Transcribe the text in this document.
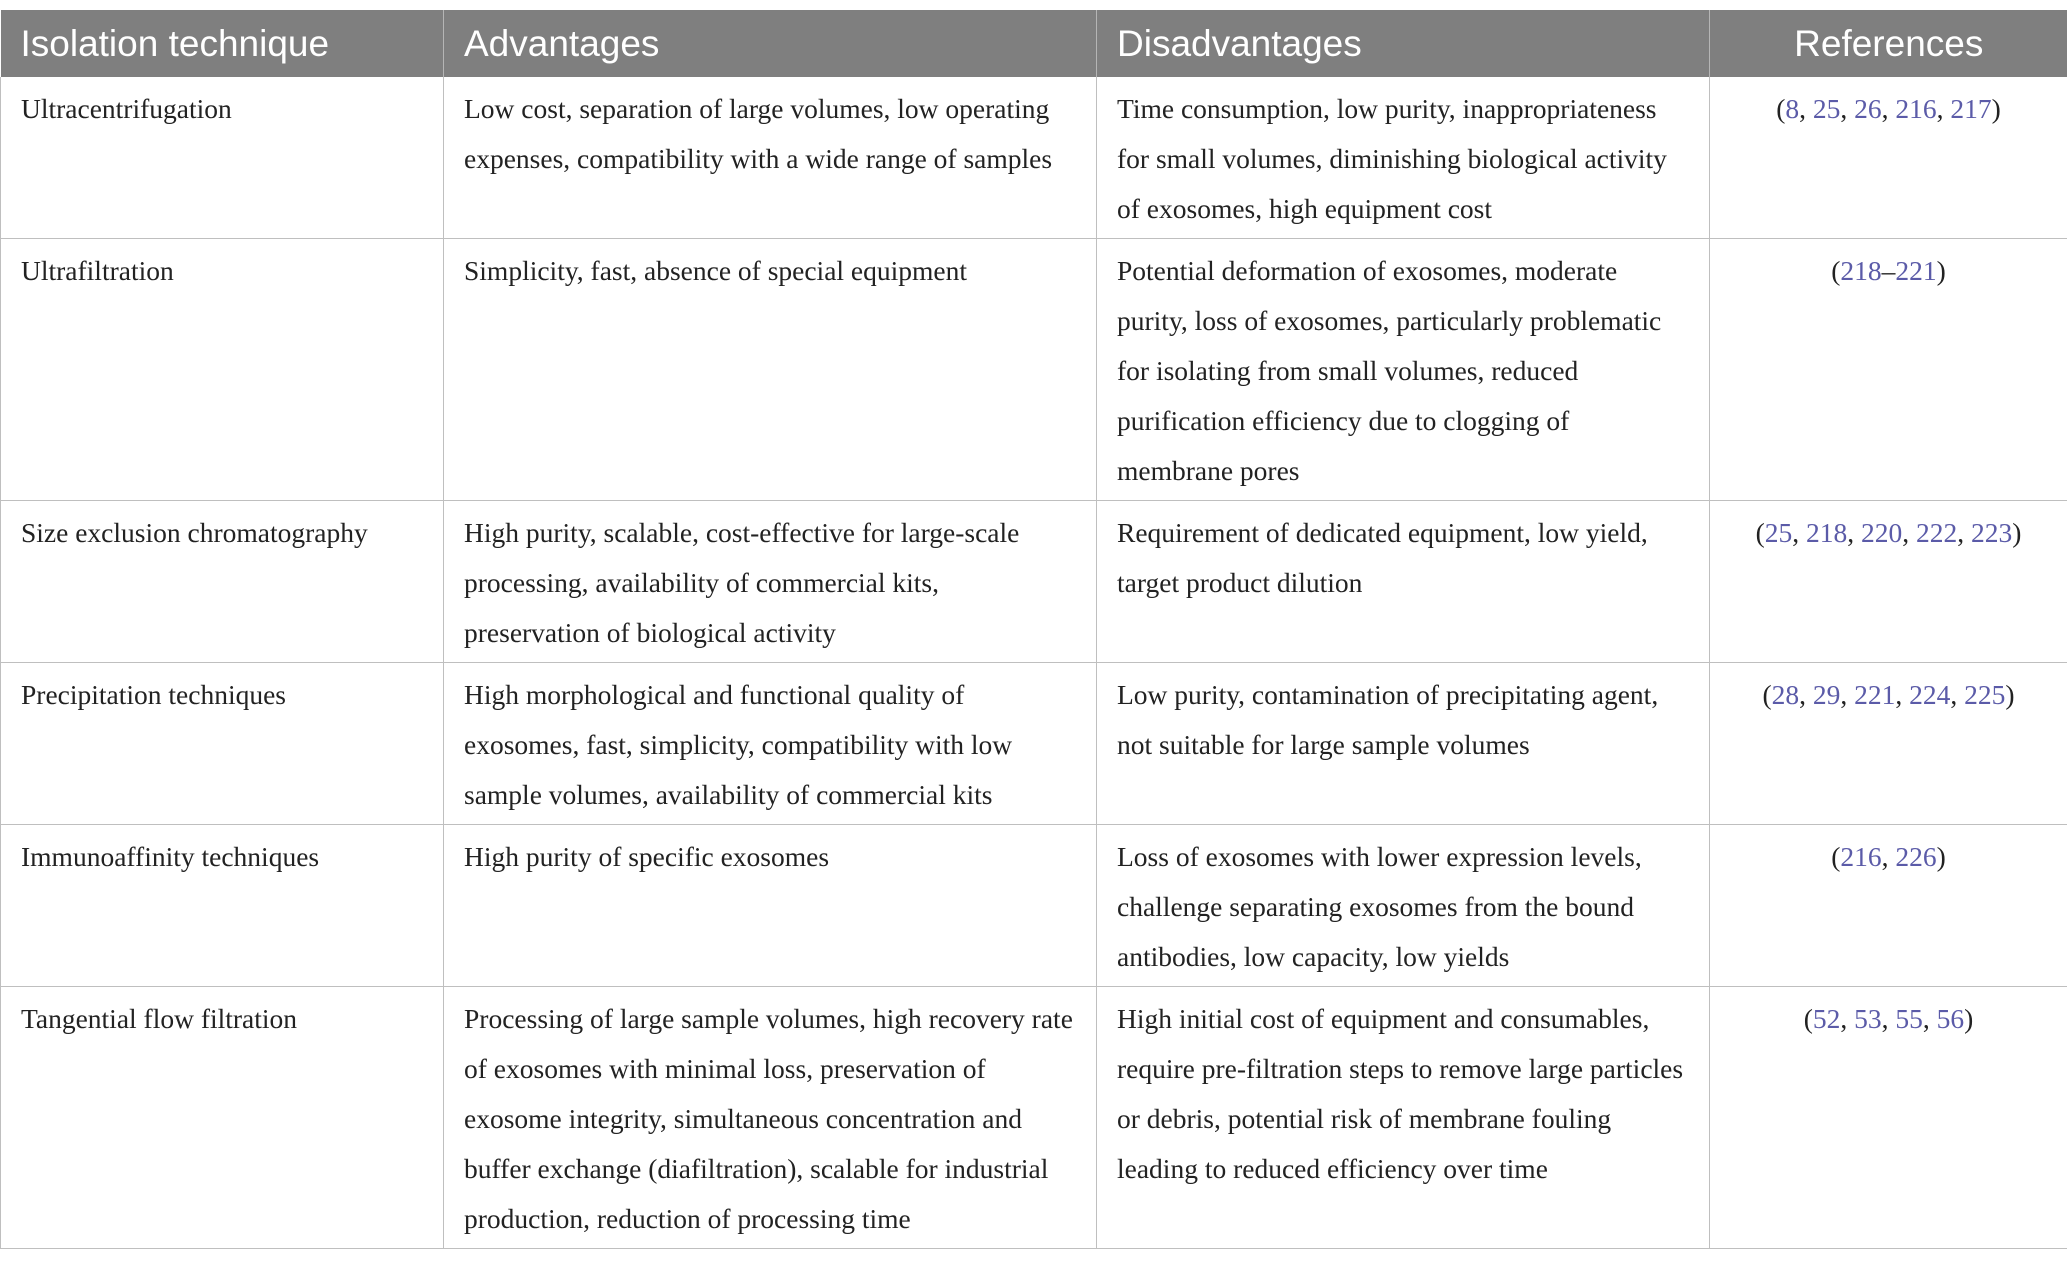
Isolation technique	Advantages	Disadvantages	References
Ultracentrifugation	Low cost, separation of large volumes, low operating expenses, compatibility with a wide range of samples	Time consumption, low purity, inappropriateness for small volumes, diminishing biological activity of exosomes, high equipment cost	(8, 25, 26, 216, 217)
Ultrafiltration	Simplicity, fast, absence of special equipment	Potential deformation of exosomes, moderate purity, loss of exosomes, particularly problematic for isolating from small volumes, reduced purification efficiency due to clogging of membrane pores	(218–221)
Size exclusion chromatography	High purity, scalable, cost-effective for large-scale processing, availability of commercial kits, preservation of biological activity	Requirement of dedicated equipment, low yield, target product dilution	(25, 218, 220, 222, 223)
Precipitation techniques	High morphological and functional quality of exosomes, fast, simplicity, compatibility with low sample volumes, availability of commercial kits	Low purity, contamination of precipitating agent, not suitable for large sample volumes	(28, 29, 221, 224, 225)
Immunoaffinity techniques	High purity of specific exosomes	Loss of exosomes with lower expression levels, challenge separating exosomes from the bound antibodies, low capacity, low yields	(216, 226)
Tangential flow filtration	Processing of large sample volumes, high recovery rate of exosomes with minimal loss, preservation of exosome integrity, simultaneous concentration and buffer exchange (diafiltration), scalable for industrial production, reduction of processing time	High initial cost of equipment and consumables, require pre-filtration steps to remove large particles or debris, potential risk of membrane fouling leading to reduced efficiency over time	(52, 53, 55, 56)
